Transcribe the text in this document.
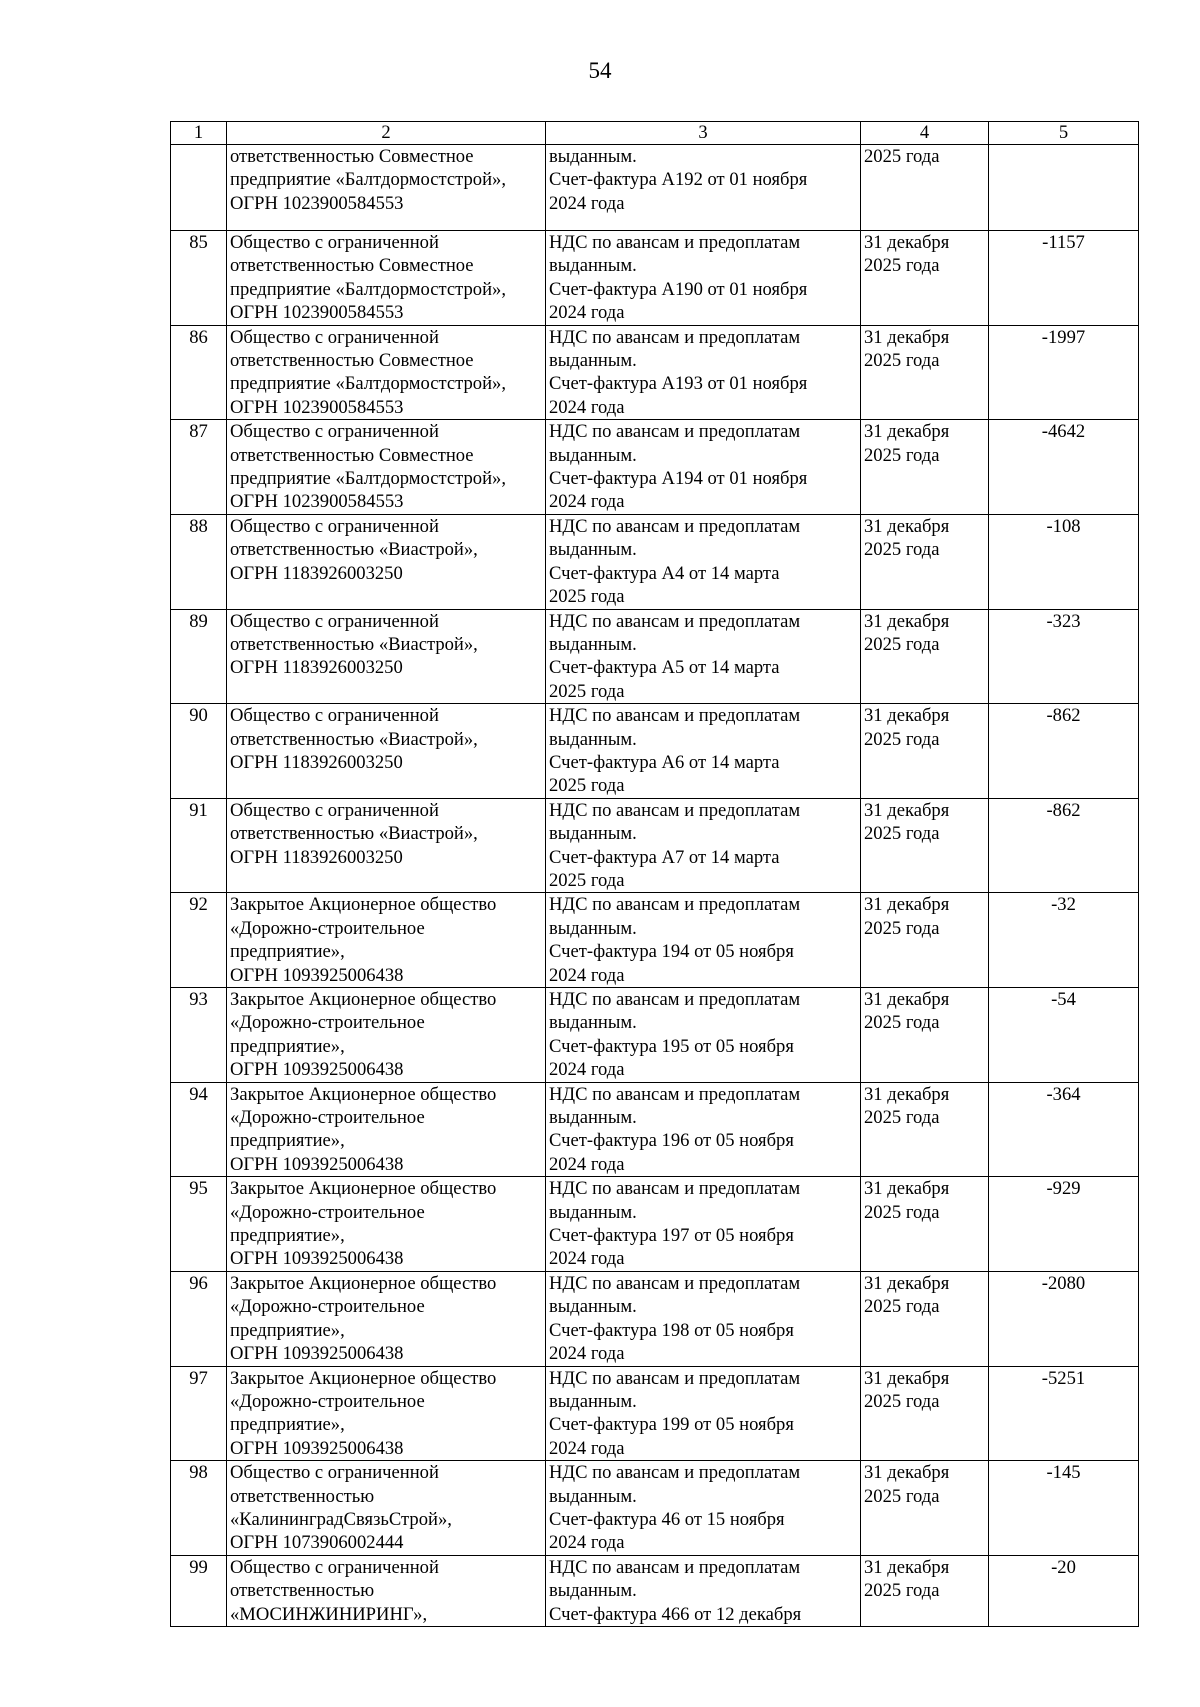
54
1	2	3	4	5

	ответственностью Совместное
предприятие «Балтдормостстрой»,
ОГРН 1023900584553	выданным.
Счет-фактура А192 от 01 ноября
2024 года	2025 года	

85	Общество с ограниченной
ответственностью Совместное
предприятие «Балтдормостстрой»,
ОГРН 1023900584553	НДС по авансам и предоплатам
выданным.
Счет-фактура А190 от 01 ноября
2024 года	31 декабря
2025 года	-1157
86	Общество с ограниченной
ответственностью Совместное
предприятие «Балтдормостстрой»,
ОГРН 1023900584553	НДС по авансам и предоплатам
выданным.
Счет-фактура А193 от 01 ноября
2024 года	31 декабря
2025 года	-1997
87	Общество с ограниченной
ответственностью Совместное
предприятие «Балтдормостстрой»,
ОГРН 1023900584553	НДС по авансам и предоплатам
выданным.
Счет-фактура А194 от 01 ноября
2024 года	31 декабря
2025 года	-4642
88	Общество с ограниченной
ответственностью «Виастрой»,
ОГРН 1183926003250	НДС по авансам и предоплатам
выданным.
Счет-фактура А4 от 14 марта
2025 года	31 декабря
2025 года	-108
89	Общество с ограниченной
ответственностью «Виастрой»,
ОГРН 1183926003250	НДС по авансам и предоплатам
выданным.
Счет-фактура А5 от 14 марта
2025 года	31 декабря
2025 года	-323
90	Общество с ограниченной
ответственностью «Виастрой»,
ОГРН 1183926003250	НДС по авансам и предоплатам
выданным.
Счет-фактура А6 от 14 марта
2025 года	31 декабря
2025 года	-862
91	Общество с ограниченной
ответственностью «Виастрой»,
ОГРН 1183926003250	НДС по авансам и предоплатам
выданным.
Счет-фактура А7 от 14 марта
2025 года	31 декабря
2025 года	-862
92	Закрытое Акционерное общество
«Дорожно-строительное
предприятие»,
ОГРН 1093925006438	НДС по авансам и предоплатам
выданным.
Счет-фактура 194 от 05 ноября
2024 года	31 декабря
2025 года	-32
93	Закрытое Акционерное общество
«Дорожно-строительное
предприятие»,
ОГРН 1093925006438	НДС по авансам и предоплатам
выданным.
Счет-фактура 195 от 05 ноября
2024 года	31 декабря
2025 года	-54
94	Закрытое Акционерное общество
«Дорожно-строительное
предприятие»,
ОГРН 1093925006438	НДС по авансам и предоплатам
выданным.
Счет-фактура 196 от 05 ноября
2024 года	31 декабря
2025 года	-364
95	Закрытое Акционерное общество
«Дорожно-строительное
предприятие»,
ОГРН 1093925006438	НДС по авансам и предоплатам
выданным.
Счет-фактура 197 от 05 ноября
2024 года	31 декабря
2025 года	-929
96	Закрытое Акционерное общество
«Дорожно-строительное
предприятие»,
ОГРН 1093925006438	НДС по авансам и предоплатам
выданным.
Счет-фактура 198 от 05 ноября
2024 года	31 декабря
2025 года	-2080
97	Закрытое Акционерное общество
«Дорожно-строительное
предприятие»,
ОГРН 1093925006438	НДС по авансам и предоплатам
выданным.
Счет-фактура 199 от 05 ноября
2024 года	31 декабря
2025 года	-5251
98	Общество с ограниченной
ответственностью
«КалининградСвязьСтрой»,
ОГРН 1073906002444	НДС по авансам и предоплатам
выданным.
Счет-фактура 46 от 15 ноября
2024 года	31 декабря
2025 года	-145
99	Общество с ограниченной
ответственностью
«МОСИНЖИНИРИНГ»,	НДС по авансам и предоплатам
выданным.
Счет-фактура 466 от 12 декабря	31 декабря
2025 года	-20
